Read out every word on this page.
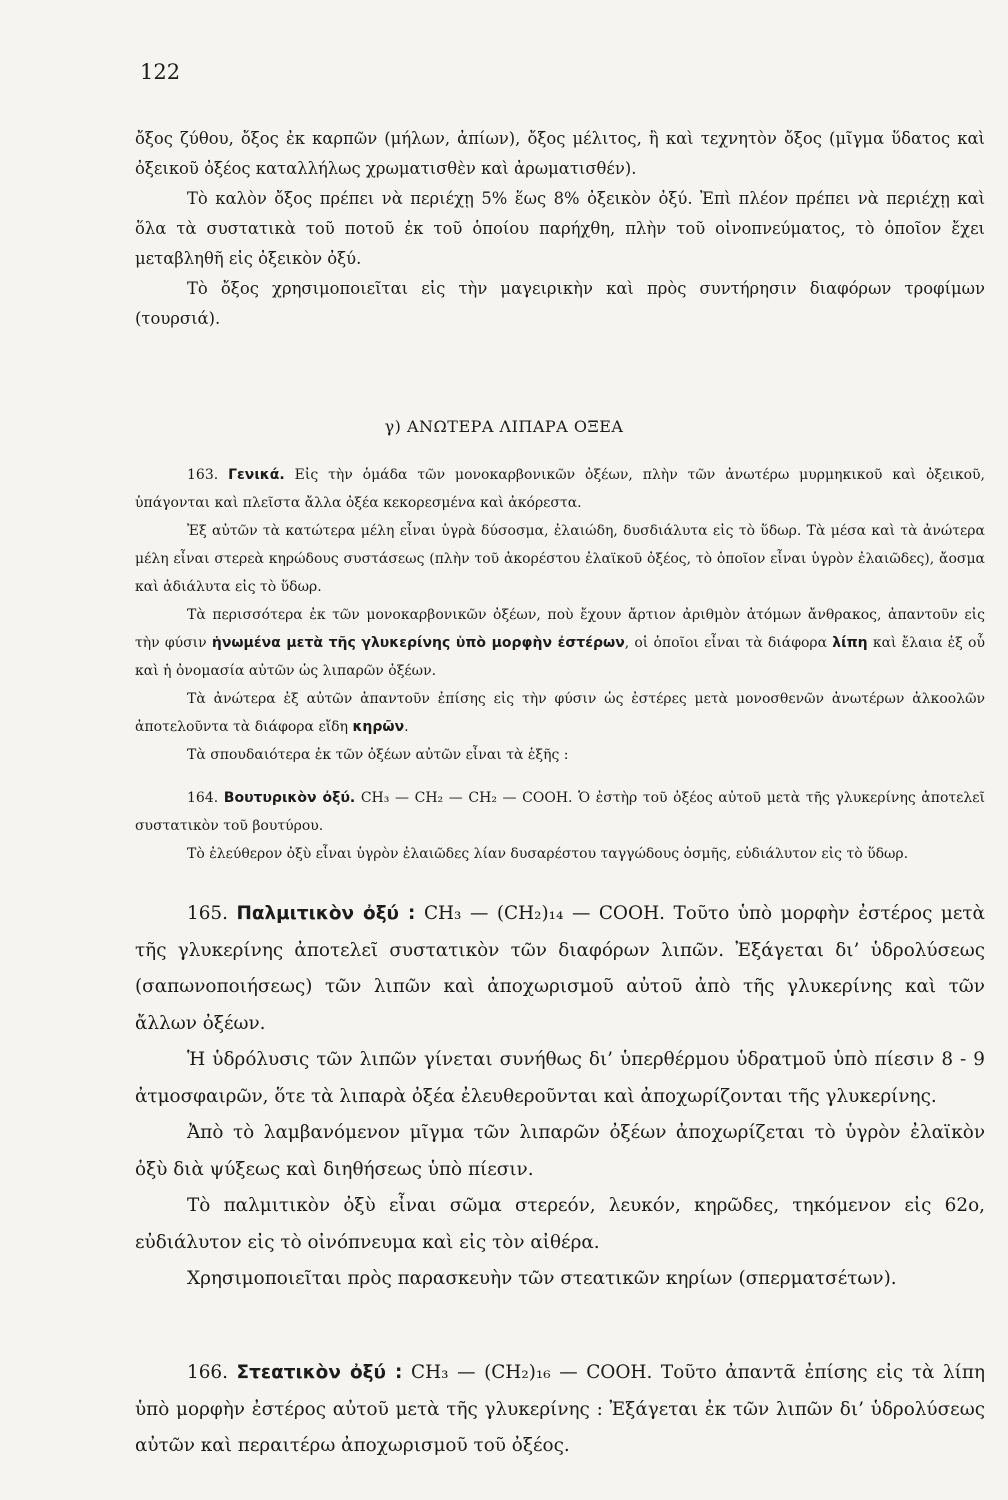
122

ὄξος ζύθου, ὄξος ἐκ καρπῶν (μήλων, ἀπίων), ὄξος μέλιτος, ἢ καὶ τεχνητὸν ὄξος (μῖγμα ὕδατος καὶ ὀξεικοῦ ὀξέος καταλλήλως χρωματισθὲν καὶ ἀρωματισθέν).

Τὸ καλὸν ὄξος πρέπει νὰ περιέχῃ 5% ἕως 8% ὀξεικὸν ὀξύ. Ἐπὶ πλέον πρέπει νὰ περιέχῃ καὶ ὅλα τὰ συστατικὰ τοῦ ποτοῦ ἐκ τοῦ ὁποίου παρήχθη, πλὴν τοῦ οἰνοπνεύματος, τὸ ὁποῖον ἔχει μεταβληθῆ εἰς ὀξεικὸν ὀξύ.

Τὸ ὄξος χρησιμοποιεῖται εἰς τὴν μαγειρικὴν καὶ πρὸς συντήρησιν διαφόρων τροφίμων (τουρσιά).

γ) ΑΝΩΤΕΡΑ ΛΙΠΑΡΑ ΟΞΕΑ

163. Γενικά. Εἰς τὴν ὁμάδα τῶν μονοκαρβονικῶν ὀξέων, πλὴν τῶν ἀνωτέρω μυρμηκικοῦ καὶ ὀξεικοῦ, ὑπάγονται καὶ πλεῖστα ἄλλα ὀξέα κεκορεσμένα καὶ ἀκόρεστα.

Ἐξ αὐτῶν τὰ κατώτερα μέλη εἶναι ὑγρὰ δύσοσμα, ἐλαιώδη, δυσδιάλυτα εἰς τὸ ὕδωρ. Τὰ μέσα καὶ τὰ ἀνώτερα μέλη εἶναι στερεὰ κηρώδους συστάσεως (πλὴν τοῦ ἀκορέστου ἐλαϊκοῦ ὀξέος, τὸ ὁποῖον εἶναι ὑγρὸν ἐλαιῶδες), ἄοσμα καὶ ἀδιάλυτα εἰς τὸ ὕδωρ.

Τὰ περισσότερα ἐκ τῶν μονοκαρβονικῶν ὀξέων, ποὺ ἔχουν ἄρτιον ἀριθμὸν ἀτόμων ἄνθρακος, ἀπαντοῦν εἰς τὴν φύσιν ἡνωμένα μετὰ τῆς γλυκερίνης ὑπὸ μορφὴν ἐστέρων, οἱ ὁποῖοι εἶναι τὰ διάφορα λίπη καὶ ἔλαια ἐξ οὗ καὶ ἡ ὀνομασία αὐτῶν ὡς λιπαρῶν ὀξέων.

Τὰ ἀνώτερα ἐξ αὐτῶν ἀπαντοῦν ἐπίσης εἰς τὴν φύσιν ὡς ἐστέρες μετὰ μονοσθενῶν ἀνωτέρων ἀλκοολῶν ἀποτελοῦντα τὰ διάφορα εἴδη κηρῶν.

Τὰ σπουδαιότερα ἐκ τῶν ὀξέων αὐτῶν εἶναι τὰ ἑξῆς :

164. Βουτυρικὸν ὀξύ. CH₃ — CH₂ — CH₂ — COOH. Ὁ ἐστὴρ τοῦ ὀξέος αὐτοῦ μετὰ τῆς γλυκερίνης ἀποτελεῖ συστατικὸν τοῦ βουτύρου.

Τὸ ἐλεύθερον ὀξὺ εἶναι ὑγρὸν ἐλαιῶδες λίαν δυσαρέστου ταγγώδους ὀσμῆς, εὐδιάλυτον εἰς τὸ ὕδωρ.

165. Παλμιτικὸν ὀξύ : CH₃ — (CH₂)₁₄ — COOH. Τοῦτο ὑπὸ μορφὴν ἐστέρος μετὰ τῆς γλυκερίνης ἀποτελεῖ συστατικὸν τῶν διαφόρων λιπῶν. Ἐξάγεται δι’ ὑδρολύσεως (σαπωνοποιήσεως) τῶν λιπῶν καὶ ἀποχωρισμοῦ αὐτοῦ ἀπὸ τῆς γλυκερίνης καὶ τῶν ἄλλων ὀξέων.

Ἡ ὑδρόλυσις τῶν λιπῶν γίνεται συνήθως δι’ ὑπερθέρμου ὑδρατμοῦ ὑπὸ πίεσιν 8 - 9 ἀτμοσφαιρῶν, ὅτε τὰ λιπαρὰ ὀξέα ἐλευθεροῦνται καὶ ἀποχωρίζονται τῆς γλυκερίνης.

Ἀπὸ τὸ λαμβανόμενον μῖγμα τῶν λιπαρῶν ὀξέων ἀποχωρίζεται τὸ ὑγρὸν ἐλαϊκὸν ὀξὺ διὰ ψύξεως καὶ διηθήσεως ὑπὸ πίεσιν.

Τὸ παλμιτικὸν ὀξὺ εἶναι σῶμα στερεόν, λευκόν, κηρῶδες, τηκόμενον εἰς 62ο, εὐδιάλυτον εἰς τὸ οἰνόπνευμα καὶ εἰς τὸν αἰθέρα.

Χρησιμοποιεῖται πρὸς παρασκευὴν τῶν στεατικῶν κηρίων (σπερματσέτων).

166. Στεατικὸν ὀξύ : CH₃ — (CH₂)₁₆ — COOH. Τοῦτο ἀπαντᾶ ἐπίσης εἰς τὰ λίπη ὑπὸ μορφὴν ἐστέρος αὐτοῦ μετὰ τῆς γλυκερίνης : Ἐξάγεται ἐκ τῶν λιπῶν δι’ ὑδρολύσεως αὐτῶν καὶ περαιτέρω ἀποχωρισμοῦ τοῦ ὀξέος.
